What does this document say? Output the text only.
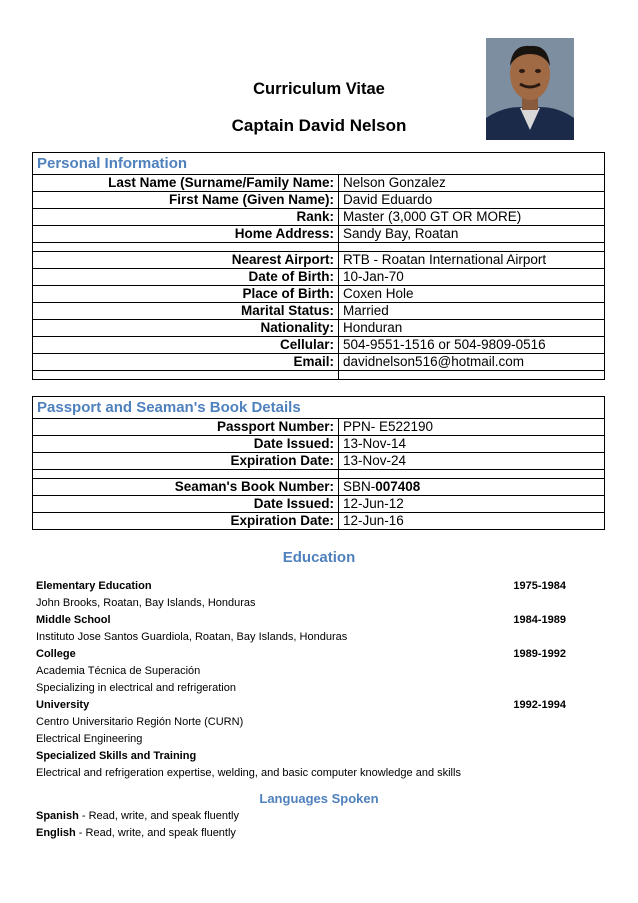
Curriculum Vitae
Captain David Nelson
Personal Information	
Last Name (Surname/Family Name:	Nelson Gonzalez
First Name (Given Name):	David Eduardo
Rank:	Master (3,000 GT OR MORE)
Home Address:	Sandy Bay, Roatan

Nearest Airport:	RTB - Roatan International Airport
Date of Birth:	10-Jan-70
Place of Birth:	Coxen Hole
Marital Status:	Married
Nationality:	Honduran
Cellular:	504-9551-1516 or 504-9809-0516
Email:	davidnelson516@hotmail.com

Passport and Seaman's Book Details	
Passport Number:	PPN- E522190
Date Issued:	13-Nov-14
Expiration Date:	13-Nov-24

Seaman's Book Number:	SBN-007408
Date Issued:	12-Jun-12
Expiration Date:	12-Jun-16
Education
Elementary Education	1975-1984
John Brooks, Roatan, Bay Islands, Honduras
Middle School	1984-1989
Instituto Jose Santos Guardiola, Roatan, Bay Islands, Honduras
College	1989-1992
Academia Técnica de Superación
Specializing in electrical and refrigeration
University	1992-1994
Centro Universitario Región Norte (CURN)
Electrical Engineering
Specialized Skills and Training
Electrical and refrigeration expertise, welding, and basic computer knowledge and skills
Languages Spoken
Spanish - Read, write, and speak fluently
English - Read, write, and speak fluently
